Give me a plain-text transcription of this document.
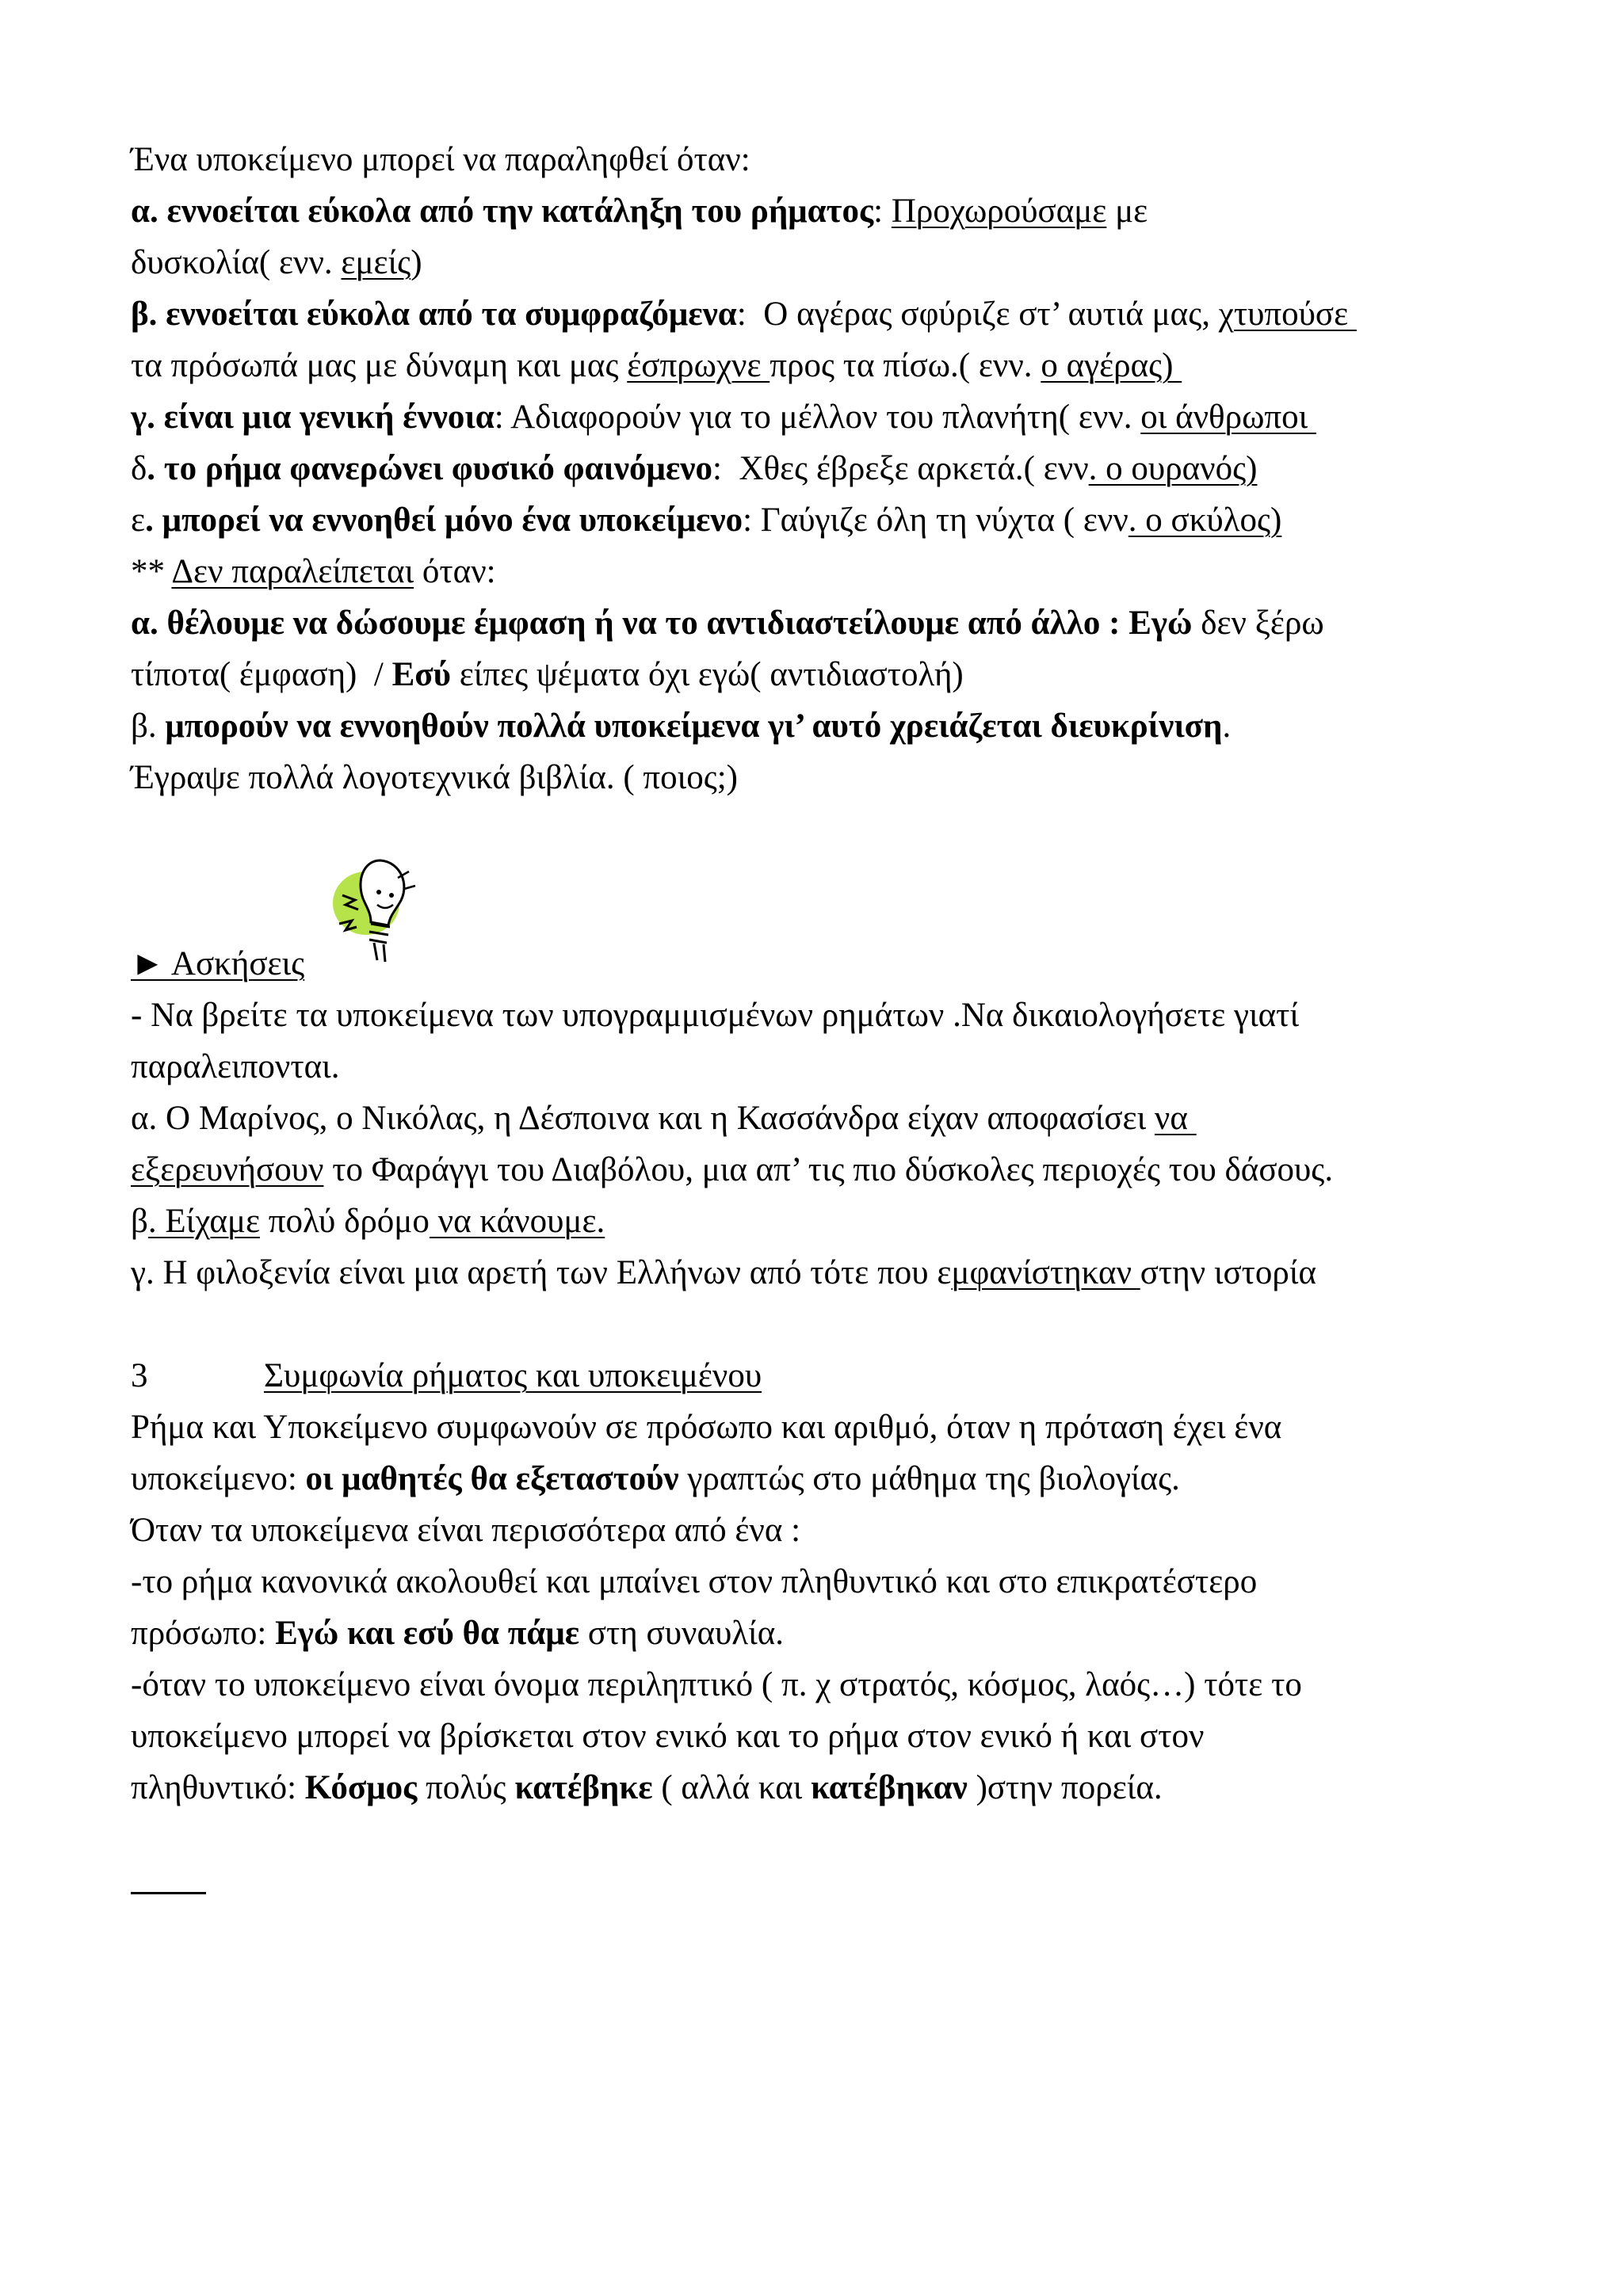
Ένα υποκείμενο μπορεί να παραληφθεί όταν:
α. εννοείται εύκολα από την κατάληξη του ρήματος: Προχωρούσαμε με
δυσκολία( ενν. εμείς)
β. εννοείται εύκολα από τα συμφραζόμενα:  Ο αγέρας σφύριζε στ’ αυτιά μας, χτυπούσε
τα πρόσωπά μας με δύναμη και μας έσπρωχνε προς τα πίσω.( ενν. ο αγέρας)
γ. είναι μια γενική έννοια: Αδιαφορούν για το μέλλον του πλανήτη( ενν. οι άνθρωποι
δ. το ρήμα φανερώνει φυσικό φαινόμενο:  Χθες έβρεξε αρκετά.( ενν. ο ουρανός)
ε. μπορεί να εννοηθεί μόνο ένα υποκείμενο: Γαύγιζε όλη τη νύχτα ( ενν. ο σκύλος)
** Δεν παραλείπεται όταν:
α. θέλουμε να δώσουμε έμφαση ή να το αντιδιαστείλουμε από άλλο : Εγώ δεν ξέρω
τίποτα( έμφαση)  / Εσύ είπες ψέματα όχι εγώ( αντιδιαστολή)
β. μπορούν να εννοηθούν πολλά υποκείμενα γι’ αυτό χρειάζεται διευκρίνιση.
Έγραψε πολλά λογοτεχνικά βιβλία. ( ποιος;)
► Ασκήσεις
- Να βρείτε τα υποκείμενα των υπογραμμισμένων ρημάτων .Να δικαιολογήσετε γιατί
παραλειπονται.
α. Ο Μαρίνος, ο Νικόλας, η Δέσποινα και η Κασσάνδρα είχαν αποφασίσει να
εξερευνήσουν το Φαράγγι του Διαβόλου, μια απ’ τις πιο δύσκολες περιοχές του δάσους.
β. Είχαμε πολύ δρόμο να κάνουμε.
γ. Η φιλοξενία είναι μια αρετή των Ελλήνων από τότε που εμφανίστηκαν στην ιστορία
3	Συμφωνία ρήματος και υποκειμένου
Ρήμα και Υποκείμενο συμφωνούν σε πρόσωπο και αριθμό, όταν η πρόταση έχει ένα
υποκείμενο: οι μαθητές θα εξεταστούν γραπτώς στο μάθημα της βιολογίας.
Όταν τα υποκείμενα είναι περισσότερα από ένα :
-το ρήμα κανονικά ακολουθεί και μπαίνει στον πληθυντικό και στο επικρατέστερο
πρόσωπο: Εγώ και εσύ θα πάμε στη συναυλία.
-όταν το υποκείμενο είναι όνομα περιληπτικό ( π. χ στρατός, κόσμος, λαός…) τότε το
υποκείμενο μπορεί να βρίσκεται στον ενικό και το ρήμα στον ενικό ή και στον
πληθυντικό: Κόσμος πολύς κατέβηκε ( αλλά και κατέβηκαν )στην πορεία.
